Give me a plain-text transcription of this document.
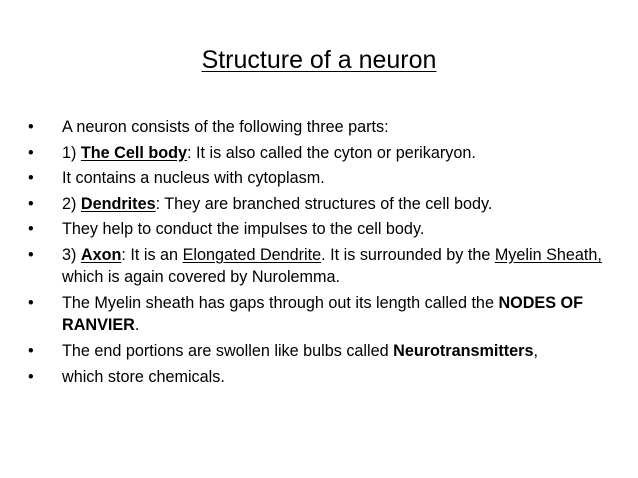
Structure of a neuron
•	A neuron consists of the following three parts:
•	1) The Cell body: It is also called the cyton or perikaryon.
•	It contains a nucleus with cytoplasm.
•	2) Dendrites: They are branched structures of the cell body.
•	They help to conduct the impulses to the cell body.
•	3) Axon: It is an Elongated Dendrite. It is surrounded by the Myelin Sheath, which is again covered by Nurolemma.
•	The Myelin sheath has gaps through out its length called the NODES OF RANVIER.
•	The end portions are swollen like bulbs called Neurotransmitters,
•	which store chemicals.
